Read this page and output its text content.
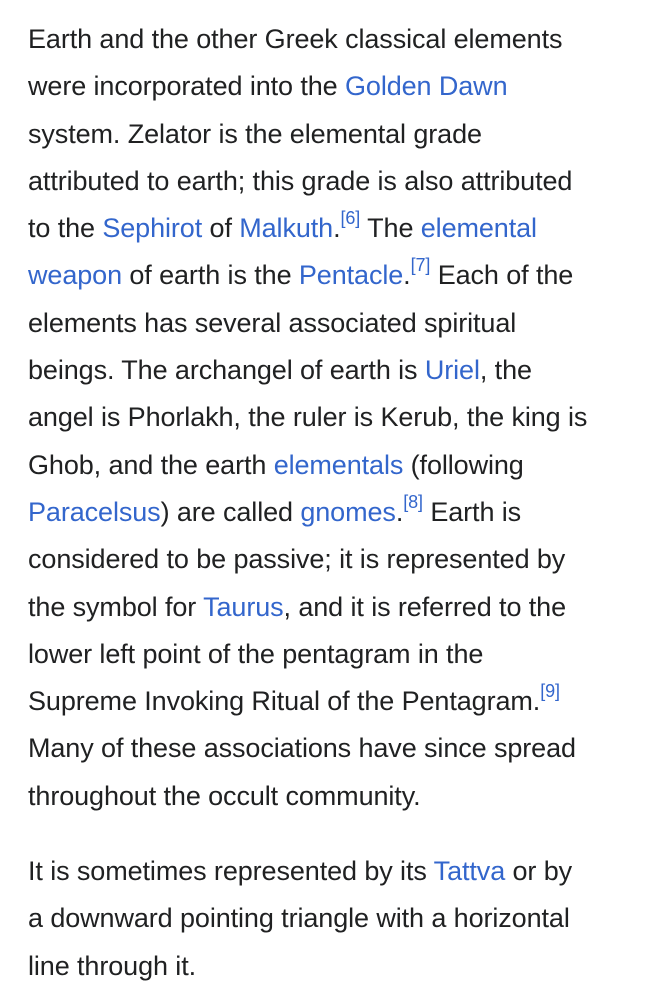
Earth and the other Greek classical elements
were incorporated into the Golden Dawn
system. Zelator is the elemental grade
attributed to earth; this grade is also attributed
to the Sephirot of Malkuth.[6] The elemental
weapon of earth is the Pentacle.[7] Each of the
elements has several associated spiritual
beings. The archangel of earth is Uriel, the
angel is Phorlakh, the ruler is Kerub, the king is
Ghob, and the earth elementals (following
Paracelsus) are called gnomes.[8] Earth is
considered to be passive; it is represented by
the symbol for Taurus, and it is referred to the
lower left point of the pentagram in the
Supreme Invoking Ritual of the Pentagram.[9]
Many of these associations have since spread
throughout the occult community.
It is sometimes represented by its Tattva or by
a downward pointing triangle with a horizontal
line through it.
